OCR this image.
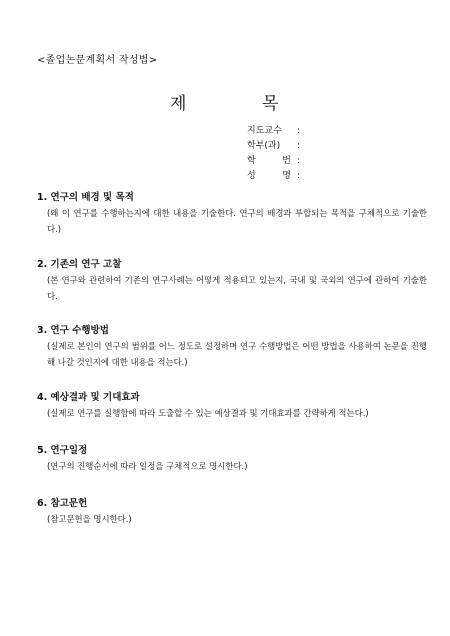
<졸업논문계획서 작성법>
제	목
지도교수	:
학부(과)	:
학 번 :
성 명 :

1. 연구의 배경 및 목적

(왜 이 연구를 수행하는지에 대한 내용을 기술한다. 연구의 배경과 부합되는 목적을 구체적으로 기술한다.)

2. 기존의 연구 고찰

(본 연구와 관련하여 기존의 연구사례는 어떻게 적용되고 있는지, 국내 및 국외의 연구에 관하여 기술한다.

3. 연구 수행방법

(실제로 본인이 연구의 범위를 어느 정도로 설정하며 연구 수행방법은 어떤 방법을 사용하여 논문을 진행해 나갈 것인지에 대한 내용을 적는다.)

4. 예상결과 및 기대효과

(실제로 연구를 실행함에 따라 도출할 수 있는 예상결과 및 기대효과를 간략하게 적는다.)

5. 연구일정

(연구의 진행순서에 따라 일정을 구체적으로 명시한다.)

6. 참고문헌

(참고문헌을 명시한다.)
